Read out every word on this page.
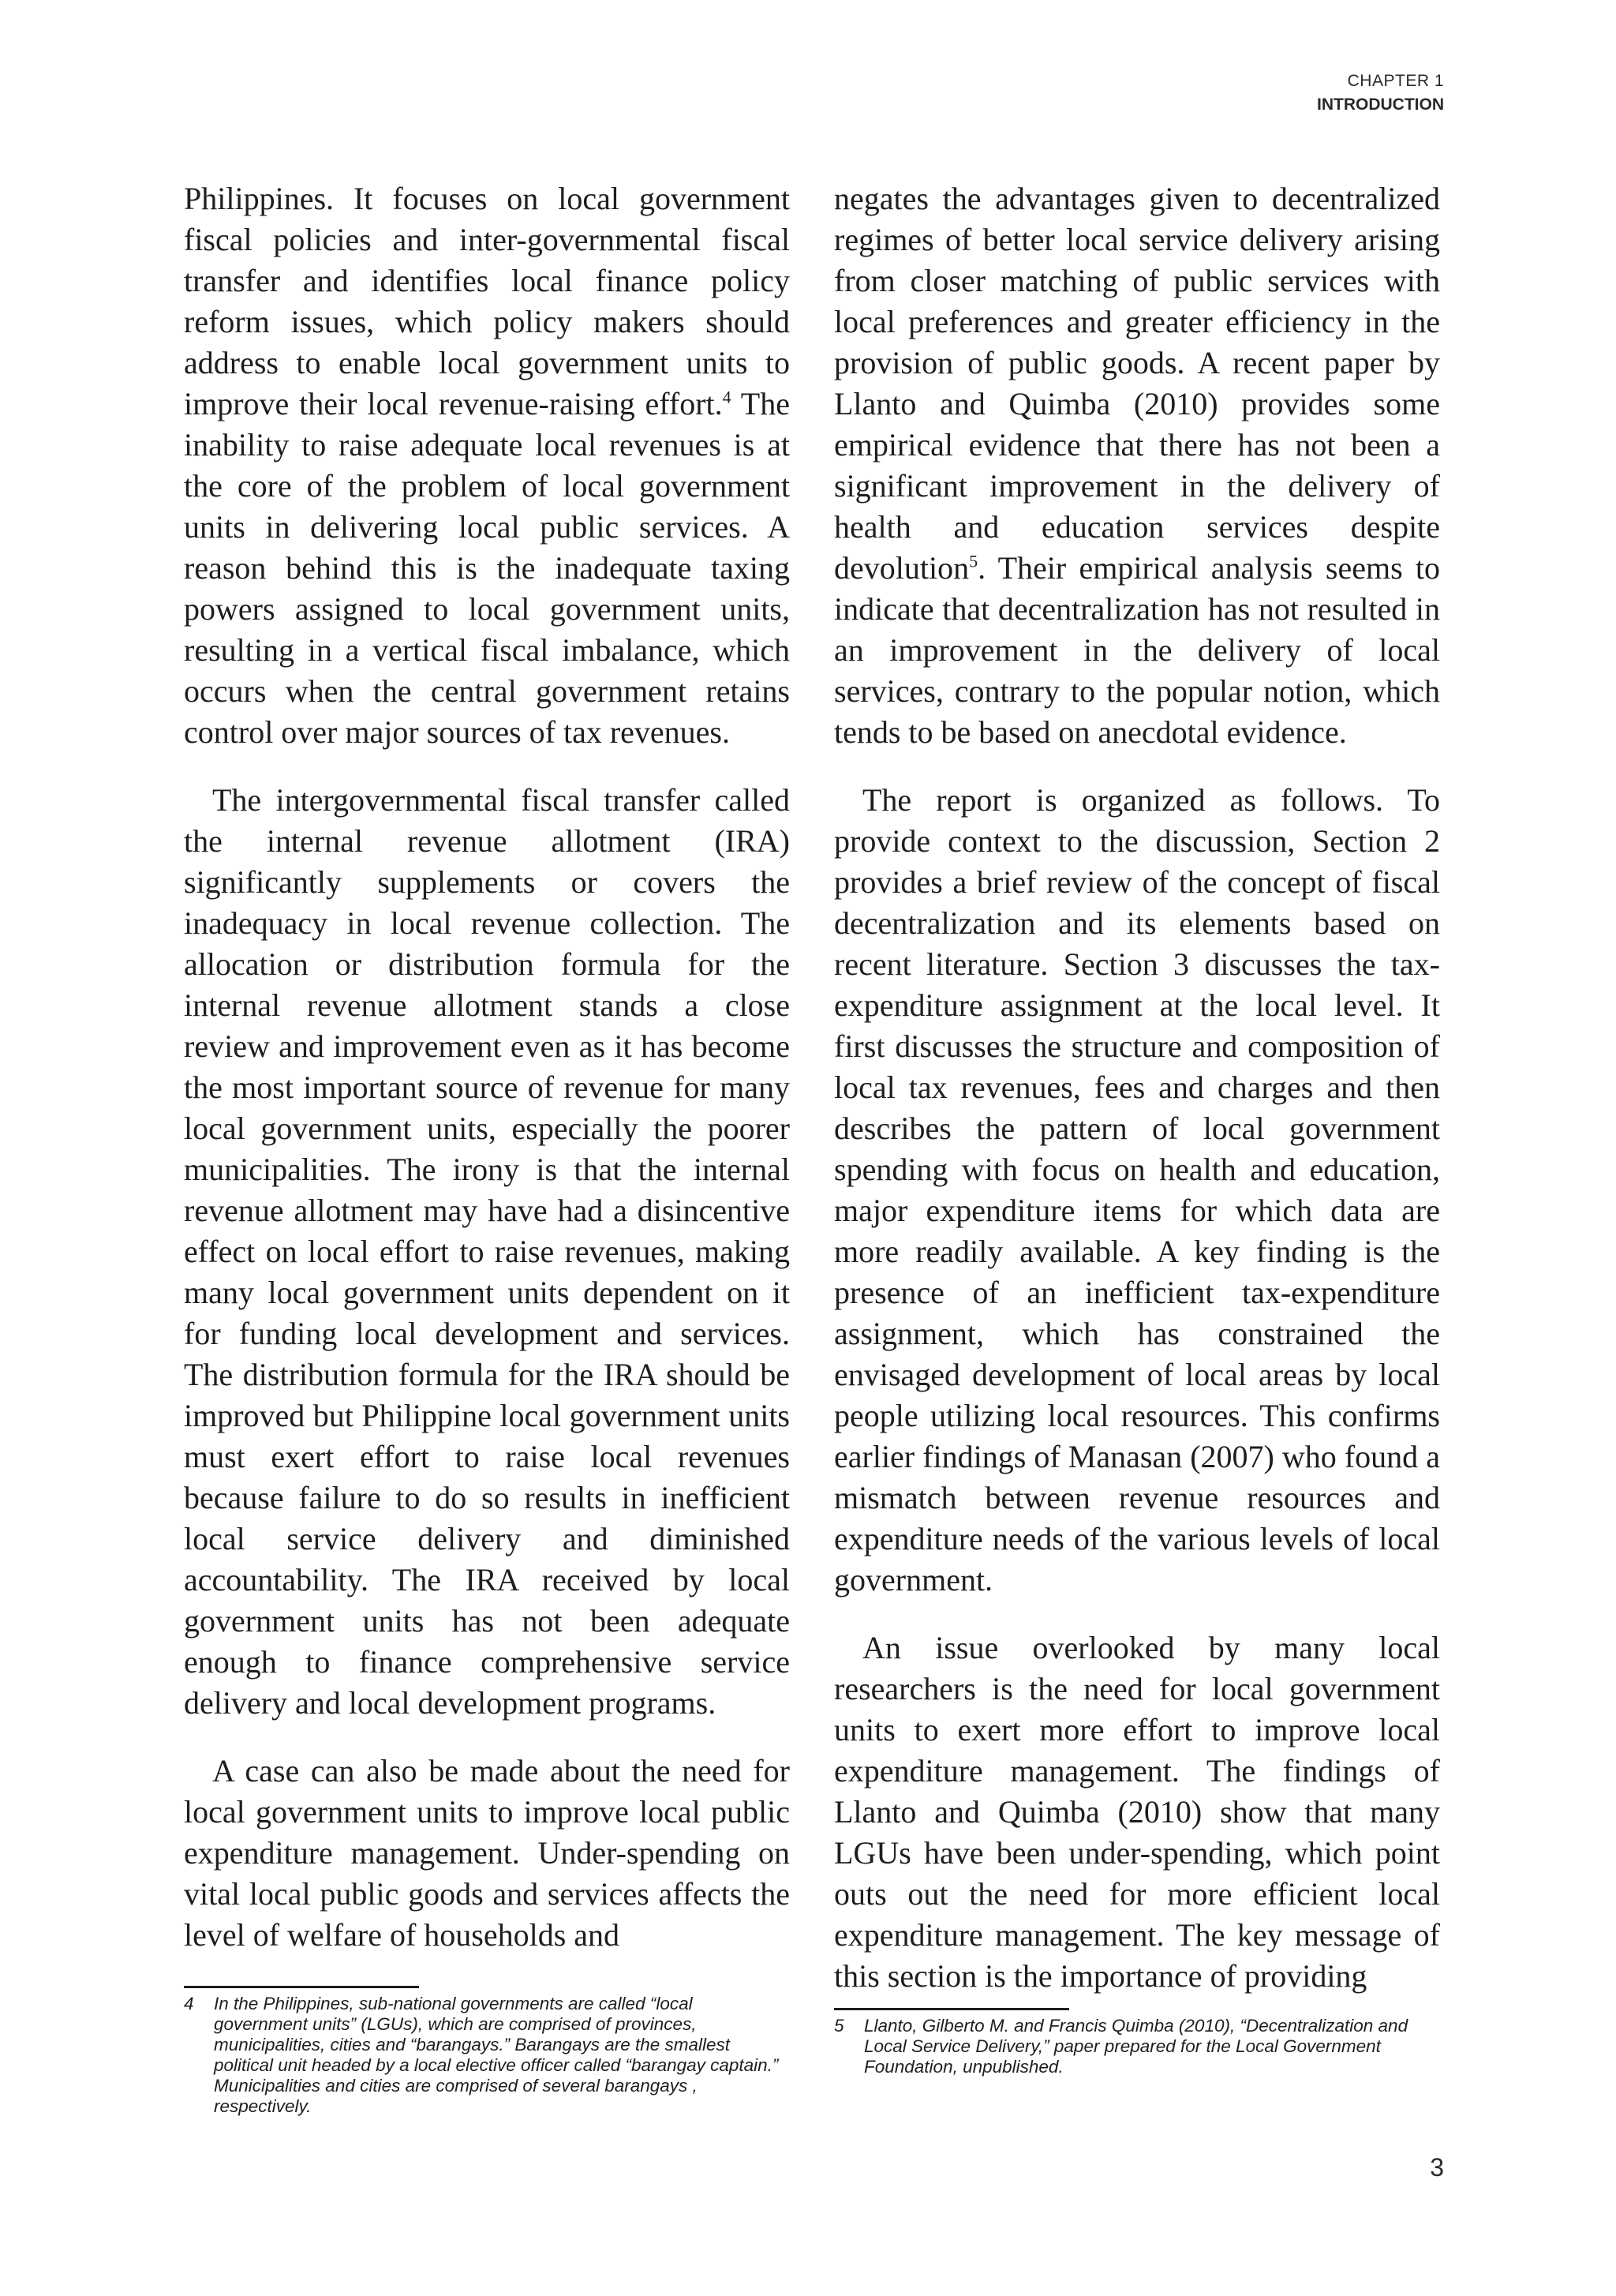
CHAPTER 1
INTRODUCTION

Philippines. It focuses on local government fiscal policies and inter-governmental fiscal transfer and identifies local finance policy reform issues, which policy makers should address to enable local government units to improve their local revenue-raising effort.$^4$ The inability to raise adequate local revenues is at the core of the problem of local government units in delivering local public services. A reason behind this is the inadequate taxing powers assigned to local government units, resulting in a vertical fiscal imbalance, which occurs when the central government retains control over major sources of tax revenues.

The intergovernmental fiscal transfer called the internal revenue allotment (IRA) significantly supplements or covers the inadequacy in local revenue collection. The allocation or distribution formula for the internal revenue allotment stands a close review and improvement even as it has become the most important source of revenue for many local government units, especially the poorer municipalities. The irony is that the internal revenue allotment may have had a disincentive effect on local effort to raise revenues, making many local government units dependent on it for funding local development and services. The distribution formula for the IRA should be improved but Philippine local government units must exert effort to raise local revenues because failure to do so results in inefficient local service delivery and diminished accountability. The IRA received by local government units has not been adequate enough to finance comprehensive service delivery and local development programs.

A case can also be made about the need for local government units to improve local public expenditure management. Under-spending on vital local public goods and services affects the level of welfare of households and

negates the advantages given to decentralized regimes of better local service delivery arising from closer matching of public services with local preferences and greater efficiency in the provision of public goods. A recent paper by Llanto and Quimba (2010) provides some empirical evidence that there has not been a significant improvement in the delivery of health and education services despite devolution$^5$. Their empirical analysis seems to indicate that decentralization has not resulted in an improvement in the delivery of local services, contrary to the popular notion, which tends to be based on anecdotal evidence.

The report is organized as follows. To provide context to the discussion, Section 2 provides a brief review of the concept of fiscal decentralization and its elements based on recent literature. Section 3 discusses the tax-expenditure assignment at the local level. It first discusses the structure and composition of local tax revenues, fees and charges and then describes the pattern of local government spending with focus on health and education, major expenditure items for which data are more readily available. A key finding is the presence of an inefficient tax-expenditure assignment, which has constrained the envisaged development of local areas by local people utilizing local resources. This confirms earlier findings of Manasan (2007) who found a mismatch between revenue resources and expenditure needs of the various levels of local government.

An issue overlooked by many local researchers is the need for local government units to exert more effort to improve local expenditure management. The findings of Llanto and Quimba (2010) show that many LGUs have been under-spending, which point outs out the need for more efficient local expenditure management. The key message of this section is the importance of providing

4	In the Philippines, sub-national governments are called “local government units” (LGUs), which are comprised of provinces, municipalities, cities and “barangays.” Barangays are the smallest political unit headed by a local elective officer called “barangay captain.” Municipalities and cities are comprised of several barangays , respectively.
5	Llanto, Gilberto M. and Francis Quimba (2010), “Decentralization and Local Service Delivery,” paper prepared for the Local Government Foundation, unpublished.
3
